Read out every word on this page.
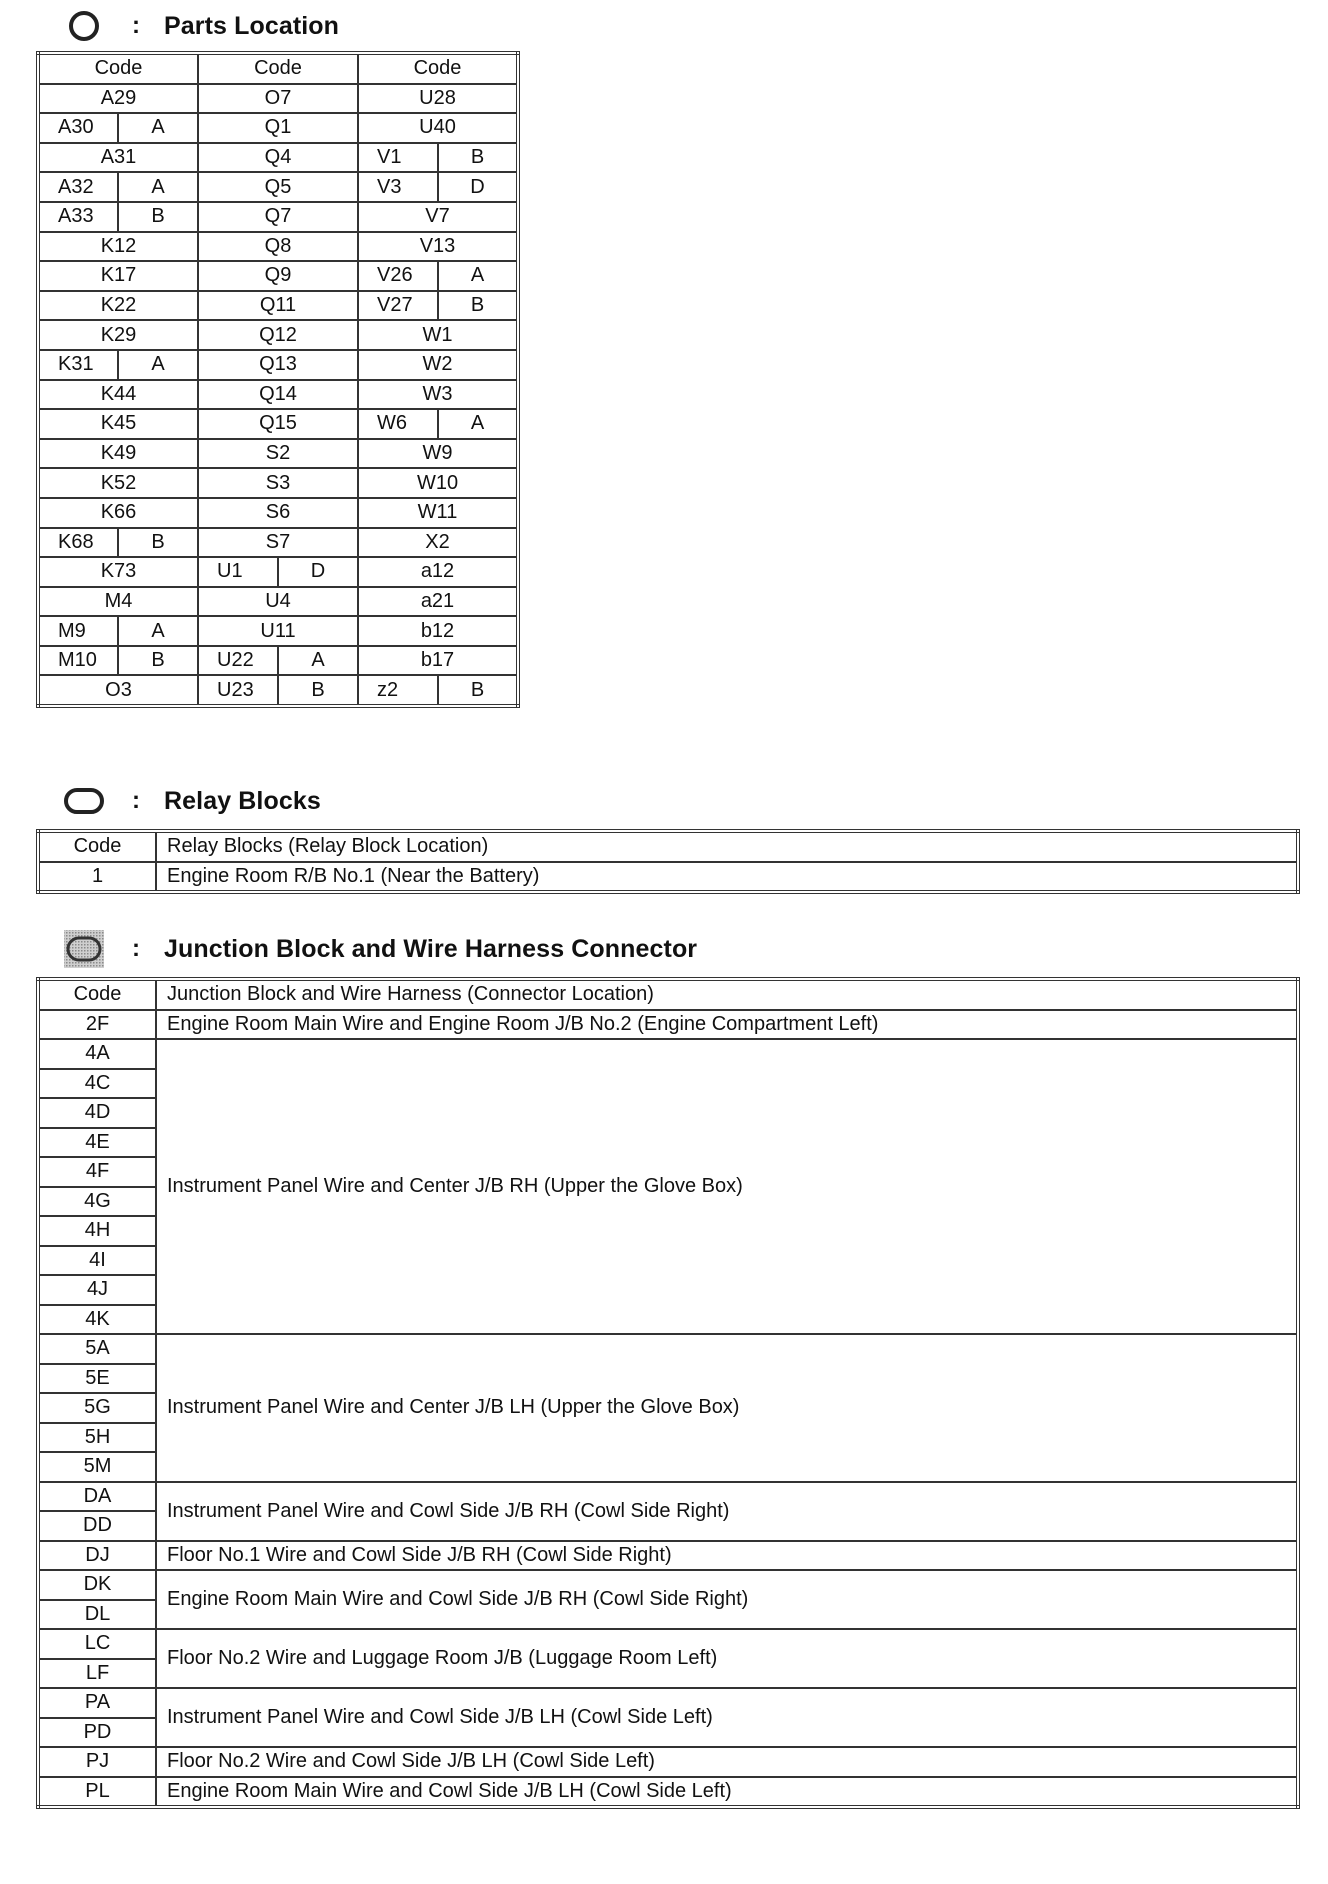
: Parts Location
Code		Code		Code	
A29		O7		U28	
A30	A	Q1		U40	
A31		Q4		V1	B
A32	A	Q5		V3	D
A33	B	Q7		V7	
K12		Q8		V13	
K17		Q9		V26	A
K22		Q11		V27	B
K29		Q12		W1	
K31	A	Q13		W2	
K44		Q14		W3	
K45		Q15		W6	A
K49		S2		W9	
K52		S3		W10	
K66		S6		W11	
K68	B	S7		X2	
K73		U1	D	a12	
M4		U4		a21	
M9	A	U11		b12	
M10	B	U22	A	b17	
O3		U23	B	z2	B
: Relay Blocks
Code	Relay Blocks (Relay Block Location)
1	Engine Room R/B No.1 (Near the Battery)
: Junction Block and Wire Harness Connector
Code	Junction Block and Wire Harness (Connector Location)
2F	Engine Room Main Wire and Engine Room J/B No.2 (Engine Compartment Left)
4A	Instrument Panel Wire and Center J/B RH (Upper the Glove Box)
4C	
4D	
4E	
4F	
4G	
4H	
4I	
4J	
4K	
5A	Instrument Panel Wire and Center J/B LH (Upper the Glove Box)
5E	
5G	
5H	
5M	
DA	Instrument Panel Wire and Cowl Side J/B RH (Cowl Side Right)
DD	
DJ	Floor No.1 Wire and Cowl Side J/B RH (Cowl Side Right)
DK	Engine Room Main Wire and Cowl Side J/B RH (Cowl Side Right)
DL	
LC	Floor No.2 Wire and Luggage Room J/B (Luggage Room Left)
LF	
PA	Instrument Panel Wire and Cowl Side J/B LH (Cowl Side Left)
PD	
PJ	Floor No.2 Wire and Cowl Side J/B LH (Cowl Side Left)
PL	Engine Room Main Wire and Cowl Side J/B LH (Cowl Side Left)
